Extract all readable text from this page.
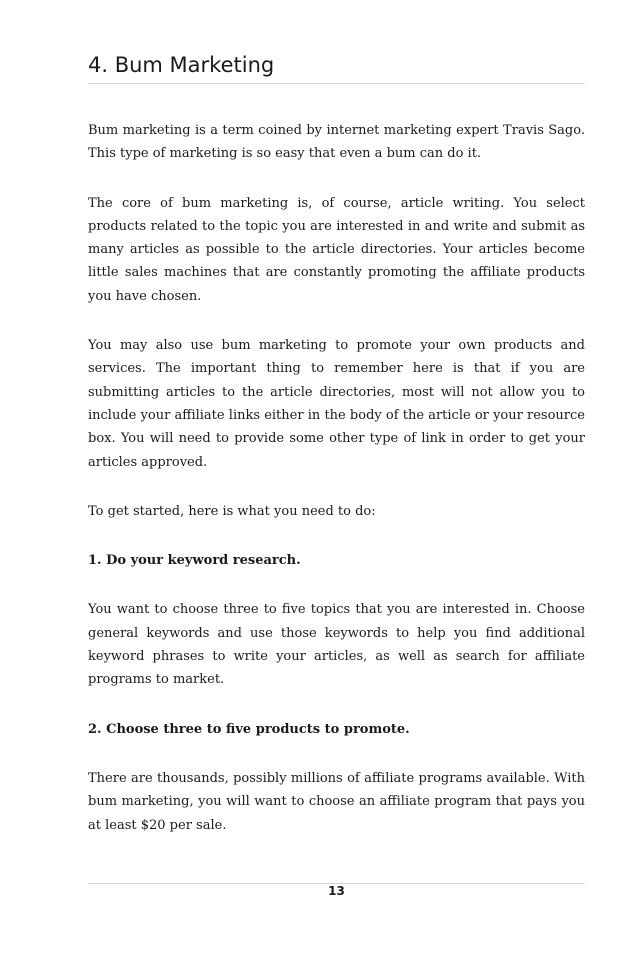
4. Bum Marketing

Bum marketing is a term coined by internet marketing expert Travis Sago. This type of marketing is so easy that even a bum can do it.

The core of bum marketing is, of course, article writing. You select products related to the topic you are interested in and write and submit as many articles as possible to the article directories. Your articles become little sales machines that are constantly promoting the affiliate products you have chosen.

You may also use bum marketing to promote your own products and services. The important thing to remember here is that if you are submitting articles to the article directories, most will not allow you to include your affiliate links either in the body of the article or your resource box. You will need to provide some other type of link in order to get your articles approved.

To get started, here is what you need to do:

1. Do your keyword research.

You want to choose three to five topics that you are interested in. Choose general keywords and use those keywords to help you find additional keyword phrases to write your articles, as well as search for affiliate programs to market.

2. Choose three to five products to promote.

There are thousands, possibly millions of affiliate programs available. With bum marketing, you will want to choose an affiliate program that pays you at least $20 per sale.

13
